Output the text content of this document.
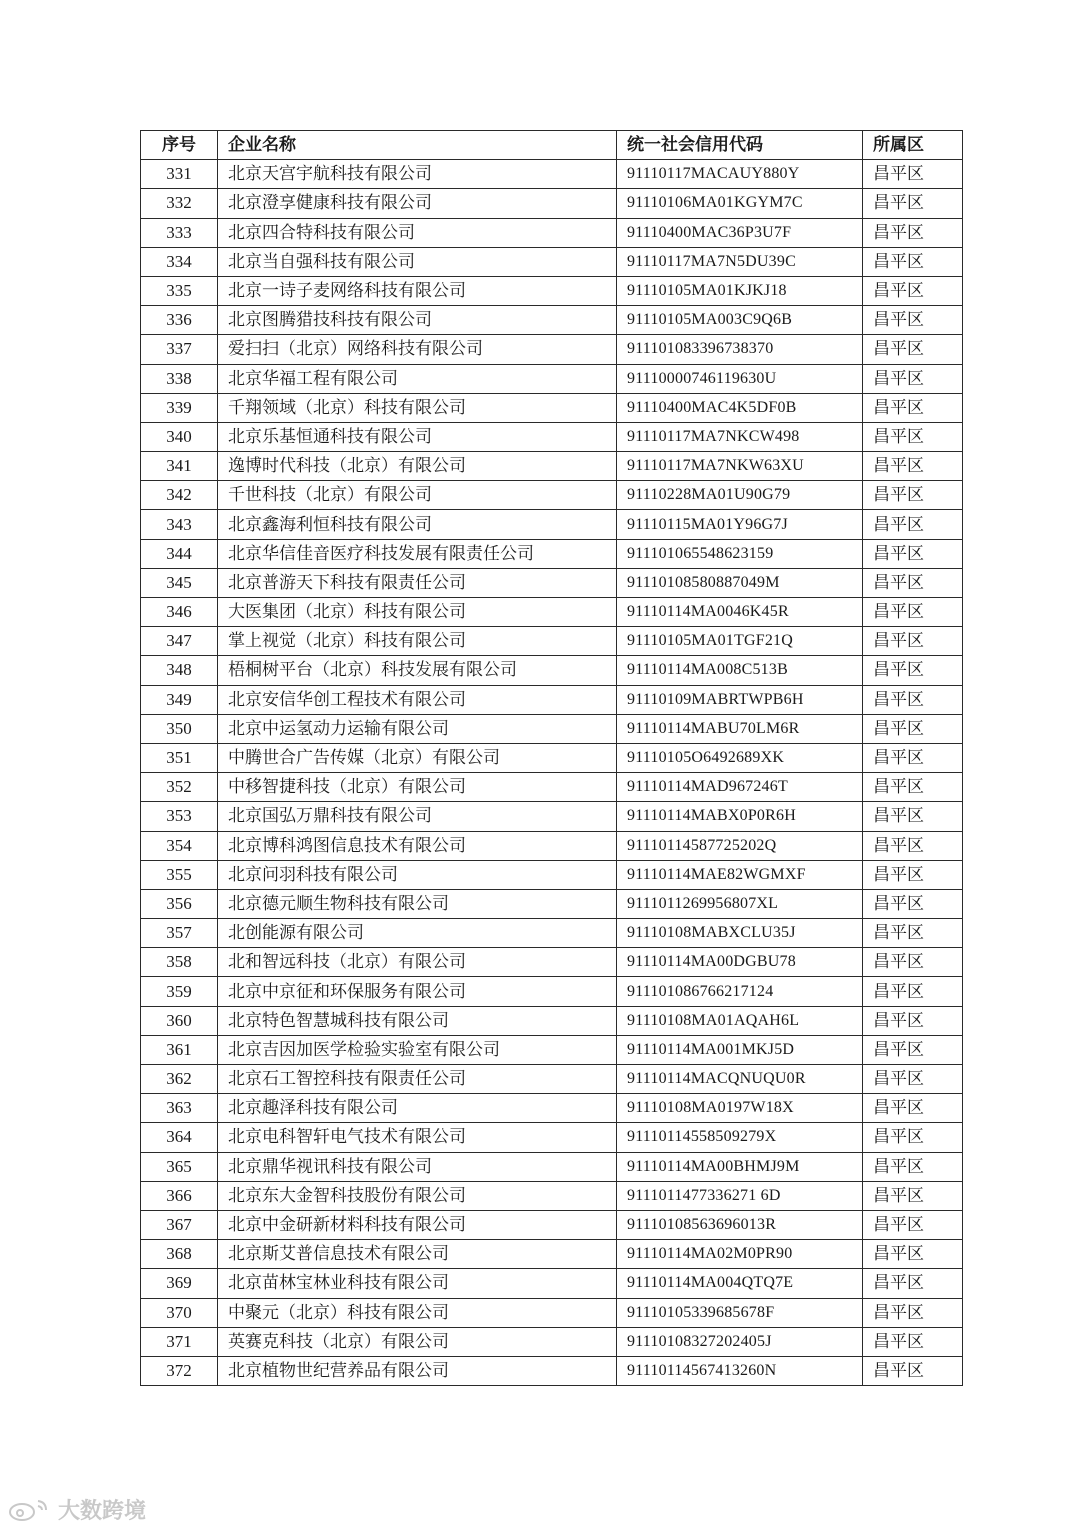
序号	企业名称	统一社会信用代码	所属区
331	北京天宫宇航科技有限公司	91110117MACAUY880Y	昌平区
332	北京澄享健康科技有限公司	91110106MA01KGYM7C	昌平区
333	北京四合特科技有限公司	91110400MAC36P3U7F	昌平区
334	北京当自强科技有限公司	91110117MA7N5DU39C	昌平区
335	北京一诗子麦网络科技有限公司	91110105MA01KJKJ18	昌平区
336	北京图腾猎技科技有限公司	91110105MA003C9Q6B	昌平区
337	爱扫扫（北京）网络科技有限公司	911101083396738370	昌平区
338	北京华福工程有限公司	91110000746119630U	昌平区
339	千翔领域（北京）科技有限公司	91110400MAC4K5DF0B	昌平区
340	北京乐基恒通科技有限公司	91110117MA7NKCW498	昌平区
341	逸博时代科技（北京）有限公司	91110117MA7NKW63XU	昌平区
342	千世科技（北京）有限公司	91110228MA01U90G79	昌平区
343	北京鑫海利恒科技有限公司	91110115MA01Y96G7J	昌平区
344	北京华信佳音医疗科技发展有限责任公司	911101065548623159	昌平区
345	北京普游天下科技有限责任公司	91110108580887049M	昌平区
346	大医集团（北京）科技有限公司	91110114MA0046K45R	昌平区
347	掌上视觉（北京）科技有限公司	91110105MA01TGF21Q	昌平区
348	梧桐树平台（北京）科技发展有限公司	91110114MA008C513B	昌平区
349	北京安信华创工程技术有限公司	91110109MABRTWPB6H	昌平区
350	北京中运氢动力运输有限公司	91110114MABU70LM6R	昌平区
351	中腾世合广告传媒（北京）有限公司	91110105O6492689XK	昌平区
352	中移智捷科技（北京）有限公司	91110114MAD967246T	昌平区
353	北京国弘万鼎科技有限公司	91110114MABX0P0R6H	昌平区
354	北京博科鸿图信息技术有限公司	91110114587725202Q	昌平区
355	北京问羽科技有限公司	91110114MAE82WGMXF	昌平区
356	北京德元顺生物科技有限公司	9111011269956807XL	昌平区
357	北创能源有限公司	91110108MABXCLU35J	昌平区
358	北和智远科技（北京）有限公司	91110114MA00DGBU78	昌平区
359	北京中京征和环保服务有限公司	911101086766217124	昌平区
360	北京特色智慧城科技有限公司	91110108MA01AQAH6L	昌平区
361	北京吉因加医学检验实验室有限公司	91110114MA001MKJ5D	昌平区
362	北京石工智控科技有限责任公司	91110114MACQNUQU0R	昌平区
363	北京趣泽科技有限公司	91110108MA0197W18X	昌平区
364	北京电科智轩电气技术有限公司	91110114558509279X	昌平区
365	北京鼎华视讯科技有限公司	91110114MA00BHMJ9M	昌平区
366	北京东大金智科技股份有限公司	9111011477336271 6D	昌平区
367	北京中金研新材料科技有限公司	91110108563696013R	昌平区
368	北京斯艾普信息技术有限公司	91110114MA02M0PR90	昌平区
369	北京苗林宝林业科技有限公司	91110114MA004QTQ7E	昌平区
370	中聚元（北京）科技有限公司	91110105339685678F	昌平区
371	英赛克科技（北京）有限公司	91110108327202405J	昌平区
372	北京植物世纪营养品有限公司	91110114567413260N	昌平区
大数跨境
